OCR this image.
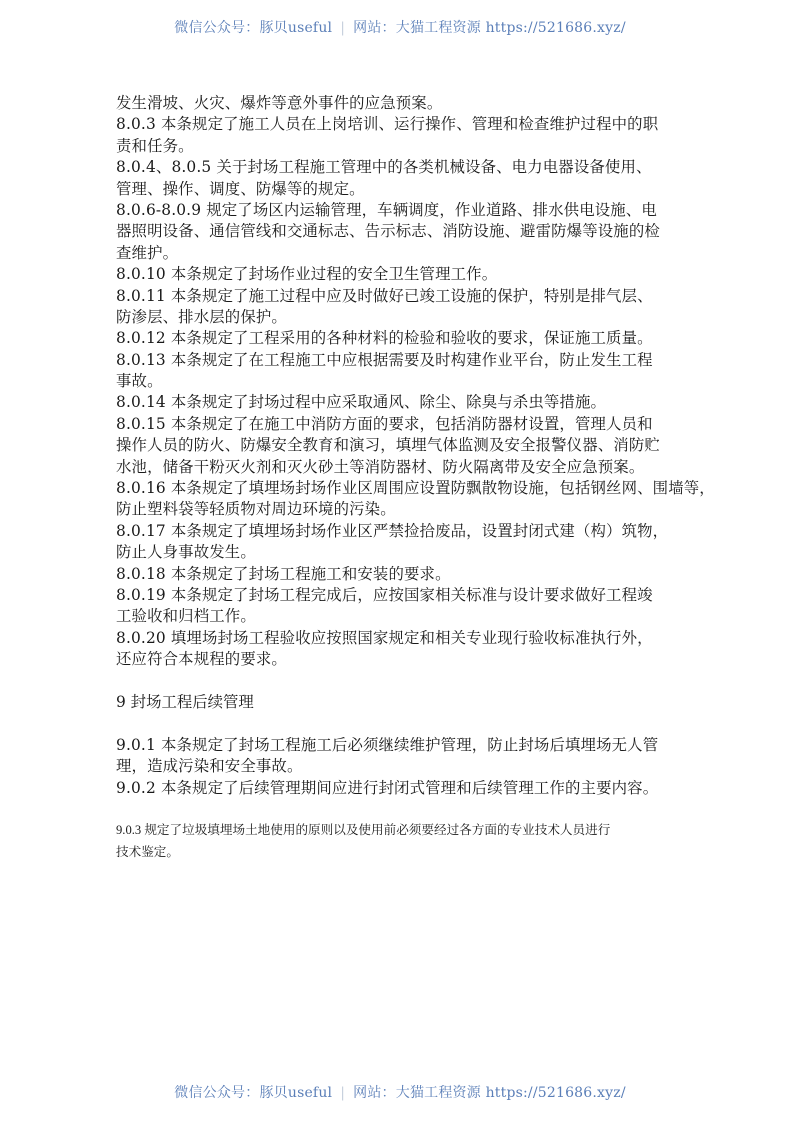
微信公众号：豚贝useful | 网站：大猫工程资源 https://521686.xyz/
发生滑坡、火灾、爆炸等意外事件的应急预案。
8.0.3 本条规定了施工人员在上岗培训、运行操作、管理和检查维护过程中的职
责和任务。
8.0.4、8.0.5 关于封场工程施工管理中的各类机械设备、电力电器设备使用、
管理、操作、调度、防爆等的规定。
8.0.6-8.0.9 规定了场区内运输管理，车辆调度，作业道路、排水供电设施、电
器照明设备、通信管线和交通标志、告示标志、消防设施、避雷防爆等设施的检
查维护。
8.0.10 本条规定了封场作业过程的安全卫生管理工作。
8.0.11 本条规定了施工过程中应及时做好已竣工设施的保护，特别是排气层、
防渗层、排水层的保护。
8.0.12 本条规定了工程采用的各种材料的检验和验收的要求，保证施工质量。
8.0.13 本条规定了在工程施工中应根据需要及时构建作业平台，防止发生工程
事故。
8.0.14 本条规定了封场过程中应采取通风、除尘、除臭与杀虫等措施。
8.0.15 本条规定了在施工中消防方面的要求，包括消防器材设置，管理人员和
操作人员的防火、防爆安全教育和演习，填埋气体监测及安全报警仪器、消防贮
水池，储备干粉灭火剂和灭火砂土等消防器材、防火隔离带及安全应急预案。
8.0.16 本条规定了填埋场封场作业区周围应设置防飘散物设施，包括钢丝网、围墙等，
防止塑料袋等轻质物对周边环境的污染。
8.0.17 本条规定了填埋场封场作业区严禁捡拾废品，设置封闭式建（构）筑物，
防止人身事故发生。
8.0.18 本条规定了封场工程施工和安装的要求。
8.0.19 本条规定了封场工程完成后，应按国家相关标准与设计要求做好工程竣
工验收和归档工作。
8.0.20 填埋场封场工程验收应按照国家规定和相关专业现行验收标准执行外，
还应符合本规程的要求。
9 封场工程后续管理
9.0.1 本条规定了封场工程施工后必须继续维护管理，防止封场后填埋场无人管
理，造成污染和安全事故。
9.0.2 本条规定了后续管理期间应进行封闭式管理和后续管理工作的主要内容。
9.0.3 规定了垃圾填埋场土地使用的原则以及使用前必须要经过各方面的专业技术人员进行
技术鉴定。
微信公众号：豚贝useful | 网站：大猫工程资源 https://521686.xyz/
